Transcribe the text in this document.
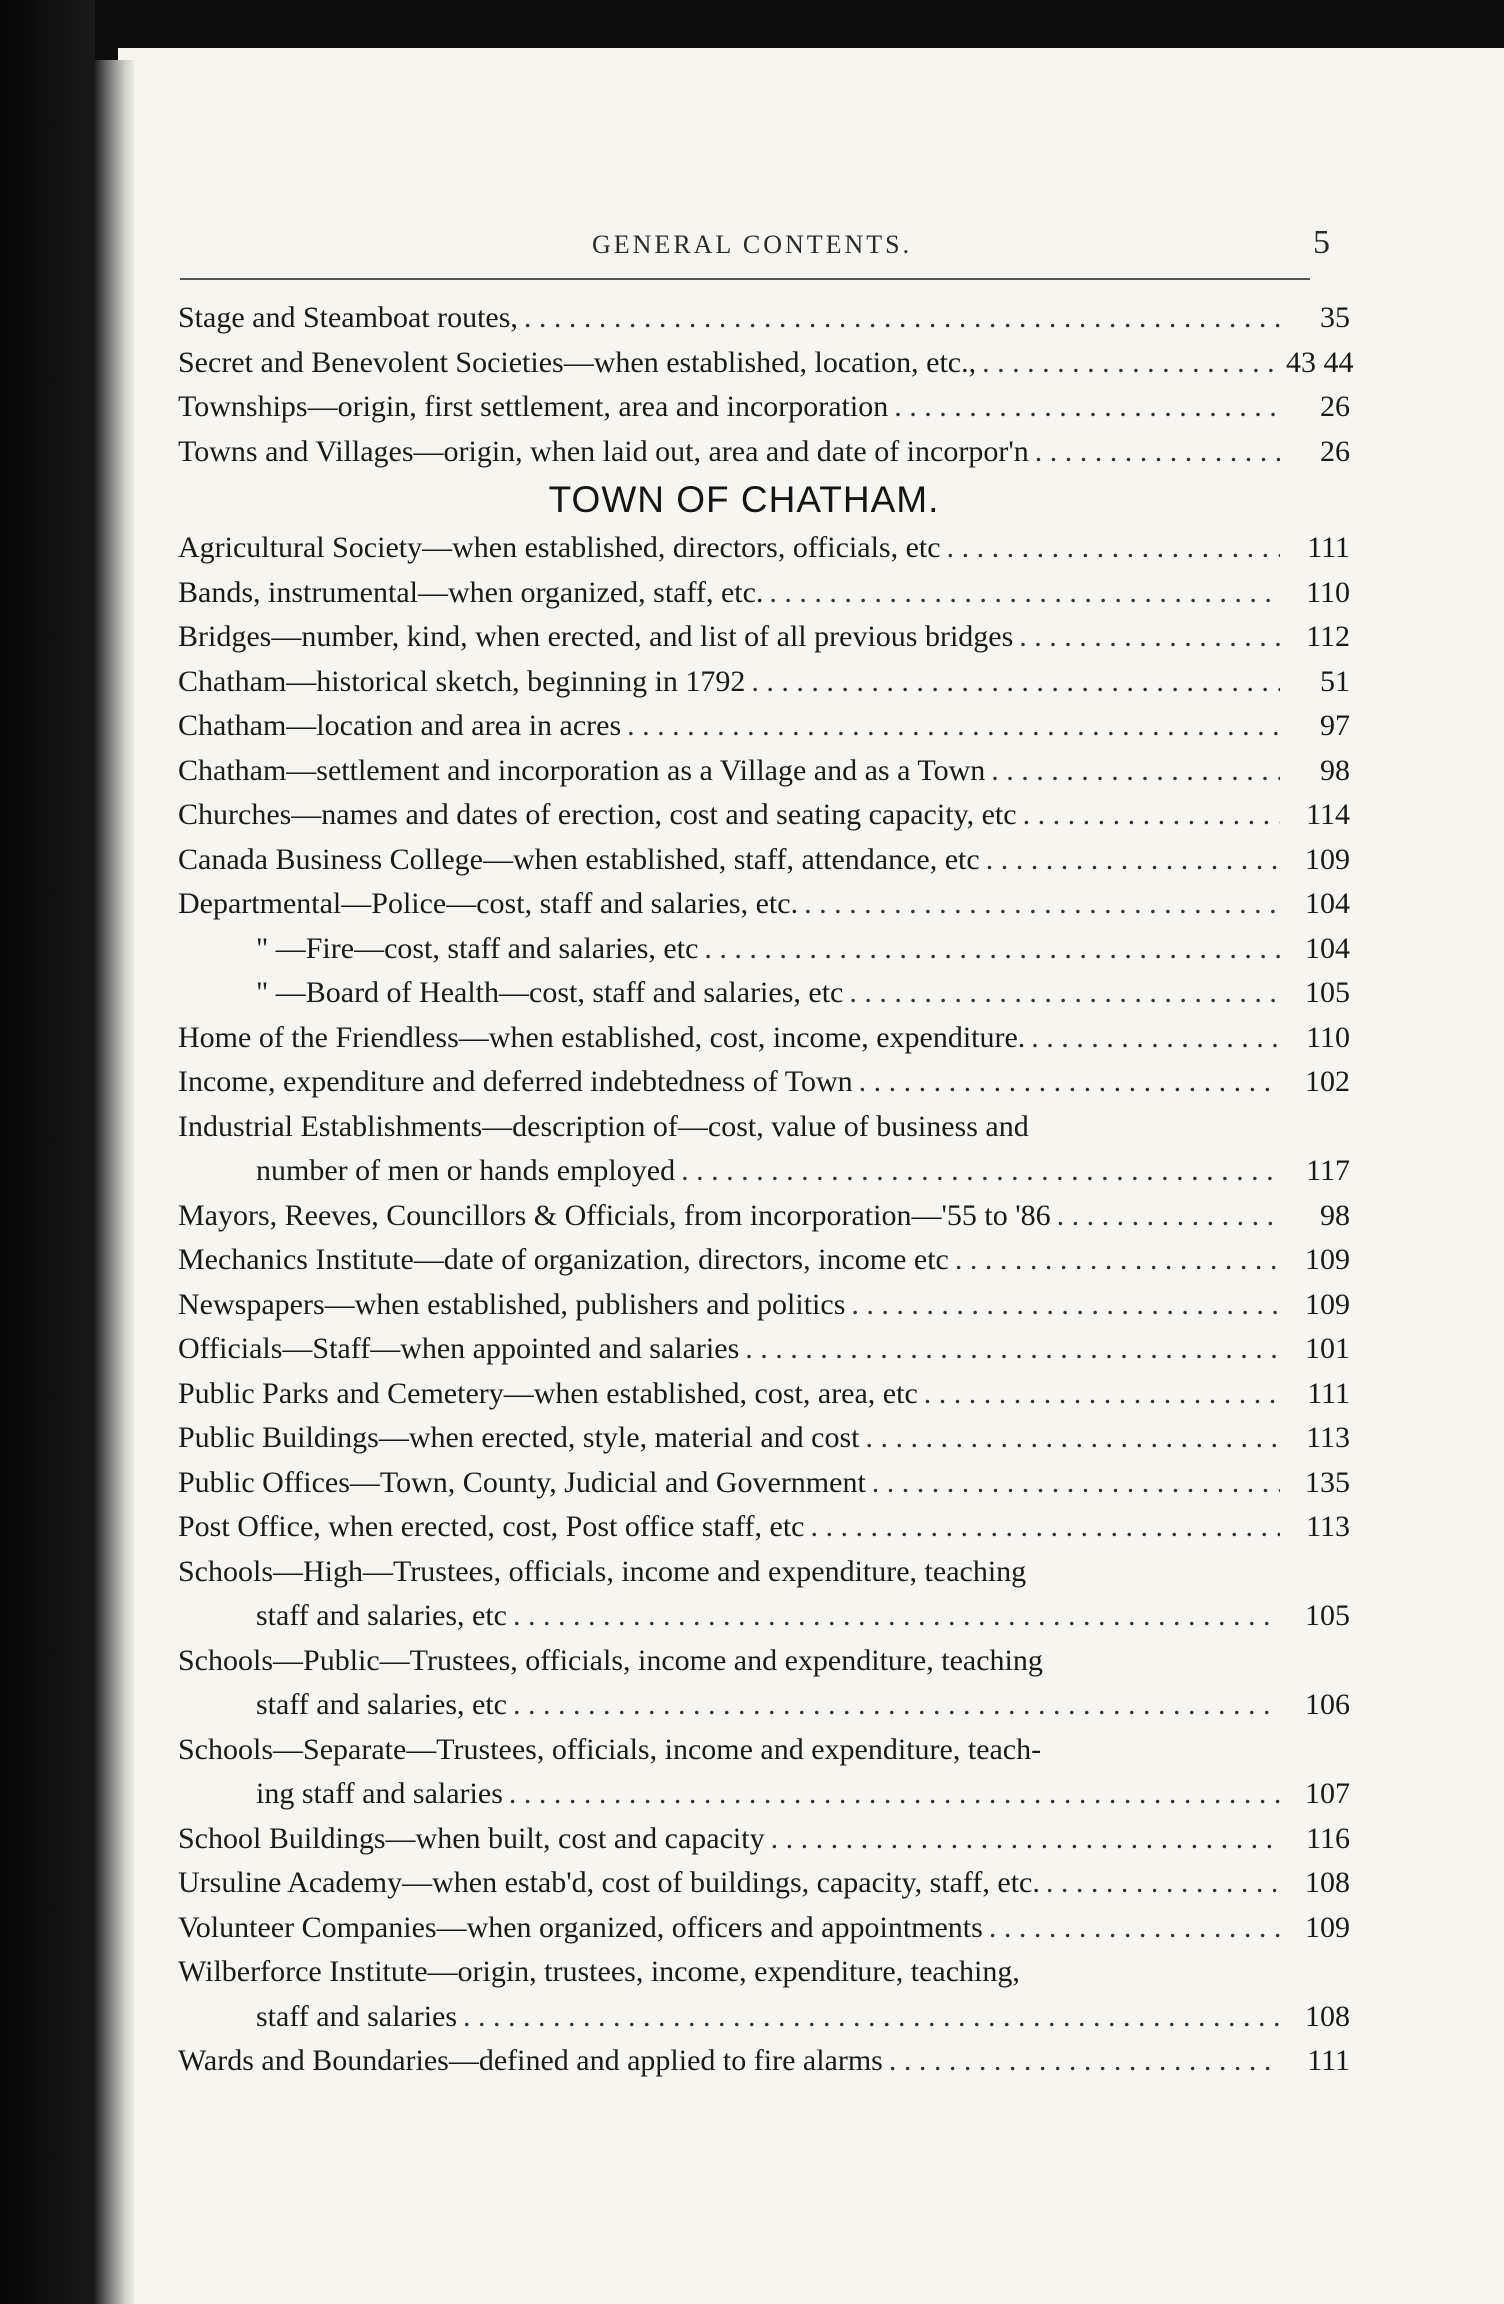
GENERAL CONTENTS.	5
Stage and Steamboat routes, . . .	35
Secret and Benevolent Societies—when established, location, etc., . . .	43 44
Townships—origin, first settlement, area and incorporation . . .	26
Towns and Villages—origin, when laid out, area and date of incorpor'n . . .	26
TOWN OF CHATHAM.
Agricultural Society—when established, directors, officials, etc . . .	111
Bands, instrumental—when organized, staff, etc. . . .	110
Bridges—number, kind, when erected, and list of all previous bridges . . .	112
Chatham—historical sketch, beginning in 1792 . . .	51
Chatham—location and area in acres . . .	97
Chatham—settlement and incorporation as a Village and as a Town . . .	98
Churches—names and dates of erection, cost and seating capacity, etc . . .	114
Canada Business College—when established, staff, attendance, etc . . .	109
Departmental—Police—cost, staff and salaries, etc. . . .	104
" —Fire—cost, staff and salaries, etc . . .	104
" —Board of Health—cost, staff and salaries, etc . . .	105
Home of the Friendless—when established, cost, income, expenditure. . . .	110
Income, expenditure and deferred indebtedness of Town . . .	102
Industrial Establishments—description of—cost, value of business and
number of men or hands employed . . .	117
Mayors, Reeves, Councillors & Officials, from incorporation—'55 to '86 . . .	98
Mechanics Institute—date of organization, directors, income etc . . .	109
Newspapers—when established, publishers and politics . . .	109
Officials—Staff—when appointed and salaries . . .	101
Public Parks and Cemetery—when established, cost, area, etc . . .	111
Public Buildings—when erected, style, material and cost . . .	113
Public Offices—Town, County, Judicial and Government . . .	135
Post Office, when erected, cost, Post office staff, etc . . .	113
Schools—High—Trustees, officials, income and expenditure, teaching
staff and salaries, etc . . .	105
Schools—Public—Trustees, officials, income and expenditure, teaching
staff and salaries, etc . . .	106
Schools—Separate—Trustees, officials, income and expenditure, teach-
ing staff and salaries . . .	107
School Buildings—when built, cost and capacity . . .	116
Ursuline Academy—when estab'd, cost of buildings, capacity, staff, etc. . . .	108
Volunteer Companies—when organized, officers and appointments . . .	109
Wilberforce Institute—origin, trustees, income, expenditure, teaching,
staff and salaries . . .	108
Wards and Boundaries—defined and applied to fire alarms . . .	111
